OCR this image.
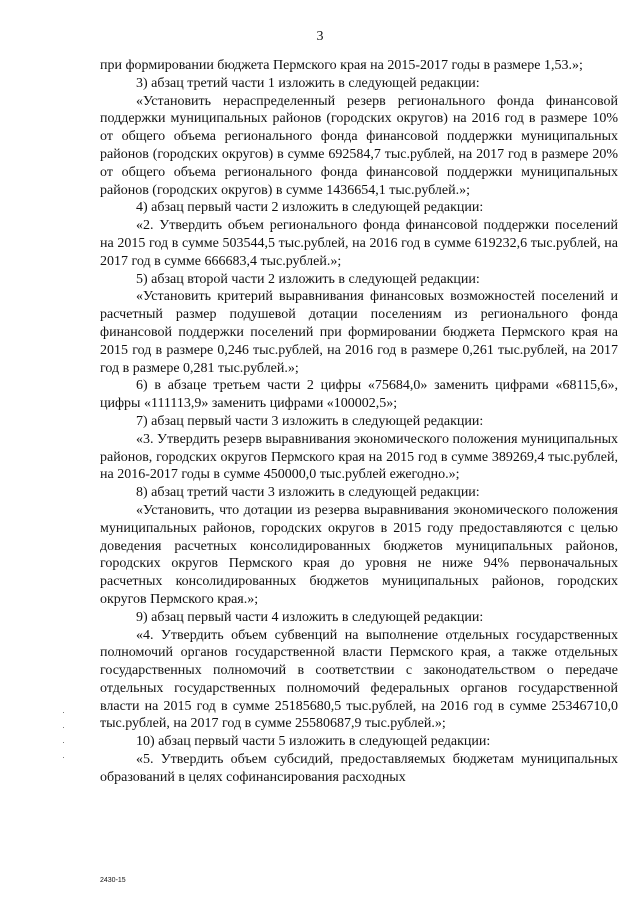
3

при формировании бюджета Пермского края на 2015-2017 годы в размере 1,53.»;

3) абзац третий части 1 изложить в следующей редакции:

«Установить нераспределенный резерв регионального фонда финансовой поддержки муниципальных районов (городских округов) на 2016 год в размере 10% от общего объема регионального фонда финансовой поддержки муниципальных районов (городских округов) в сумме 692584,7 тыс.рублей, на 2017 год в размере 20% от общего объема регионального фонда финансовой поддержки муниципальных районов (городских округов) в сумме 1436654,1 тыс.рублей.»;

4) абзац первый части 2 изложить в следующей редакции:

«2. Утвердить объем регионального фонда финансовой поддержки поселений на 2015 год в сумме 503544,5 тыс.рублей, на 2016 год в сумме 619232,6 тыс.рублей, на 2017 год в сумме 666683,4 тыс.рублей.»;

5) абзац второй части 2 изложить в следующей редакции:

«Установить критерий выравнивания финансовых возможностей поселений и расчетный размер подушевой дотации поселениям из регионального фонда финансовой поддержки поселений при формировании бюджета Пермского края на 2015 год в размере 0,246 тыс.рублей, на 2016 год в размере 0,261 тыс.рублей, на 2017 год в размере 0,281 тыс.рублей.»;

6) в абзаце третьем части 2 цифры «75684,0» заменить цифрами «68115,6», цифры «111113,9» заменить цифрами «100002,5»;

7) абзац первый части 3 изложить в следующей редакции:

«3. Утвердить резерв выравнивания экономического положения муниципальных районов, городских округов Пермского края на 2015 год в сумме 389269,4 тыс.рублей, на 2016-2017 годы в сумме 450000,0 тыс.рублей ежегодно.»;

8) абзац третий части 3 изложить в следующей редакции:

«Установить, что дотации из резерва выравнивания экономического положения муниципальных районов, городских округов в 2015 году предоставляются с целью доведения расчетных консолидированных бюджетов муниципальных районов, городских округов Пермского края до уровня не ниже 94% первоначальных расчетных консолидированных бюджетов муниципальных районов, городских округов Пермского края.»;

9) абзац первый части 4 изложить в следующей редакции:

«4. Утвердить объем субвенций на выполнение отдельных государственных полномочий органов государственной власти Пермского края, а также отдельных государственных полномочий в соответствии с законодательством о передаче отдельных государственных полномочий федеральных органов государственной власти на 2015 год в сумме 25185680,5 тыс.рублей, на 2016 год в сумме 25346710,0 тыс.рублей, на 2017 год в сумме 25580687,9 тыс.рублей.»;

10) абзац первый части 5 изложить в следующей редакции:

«5. Утвердить объем субсидий, предоставляемых бюджетам муниципальных образований в целях софинансирования расходных

2430-15
